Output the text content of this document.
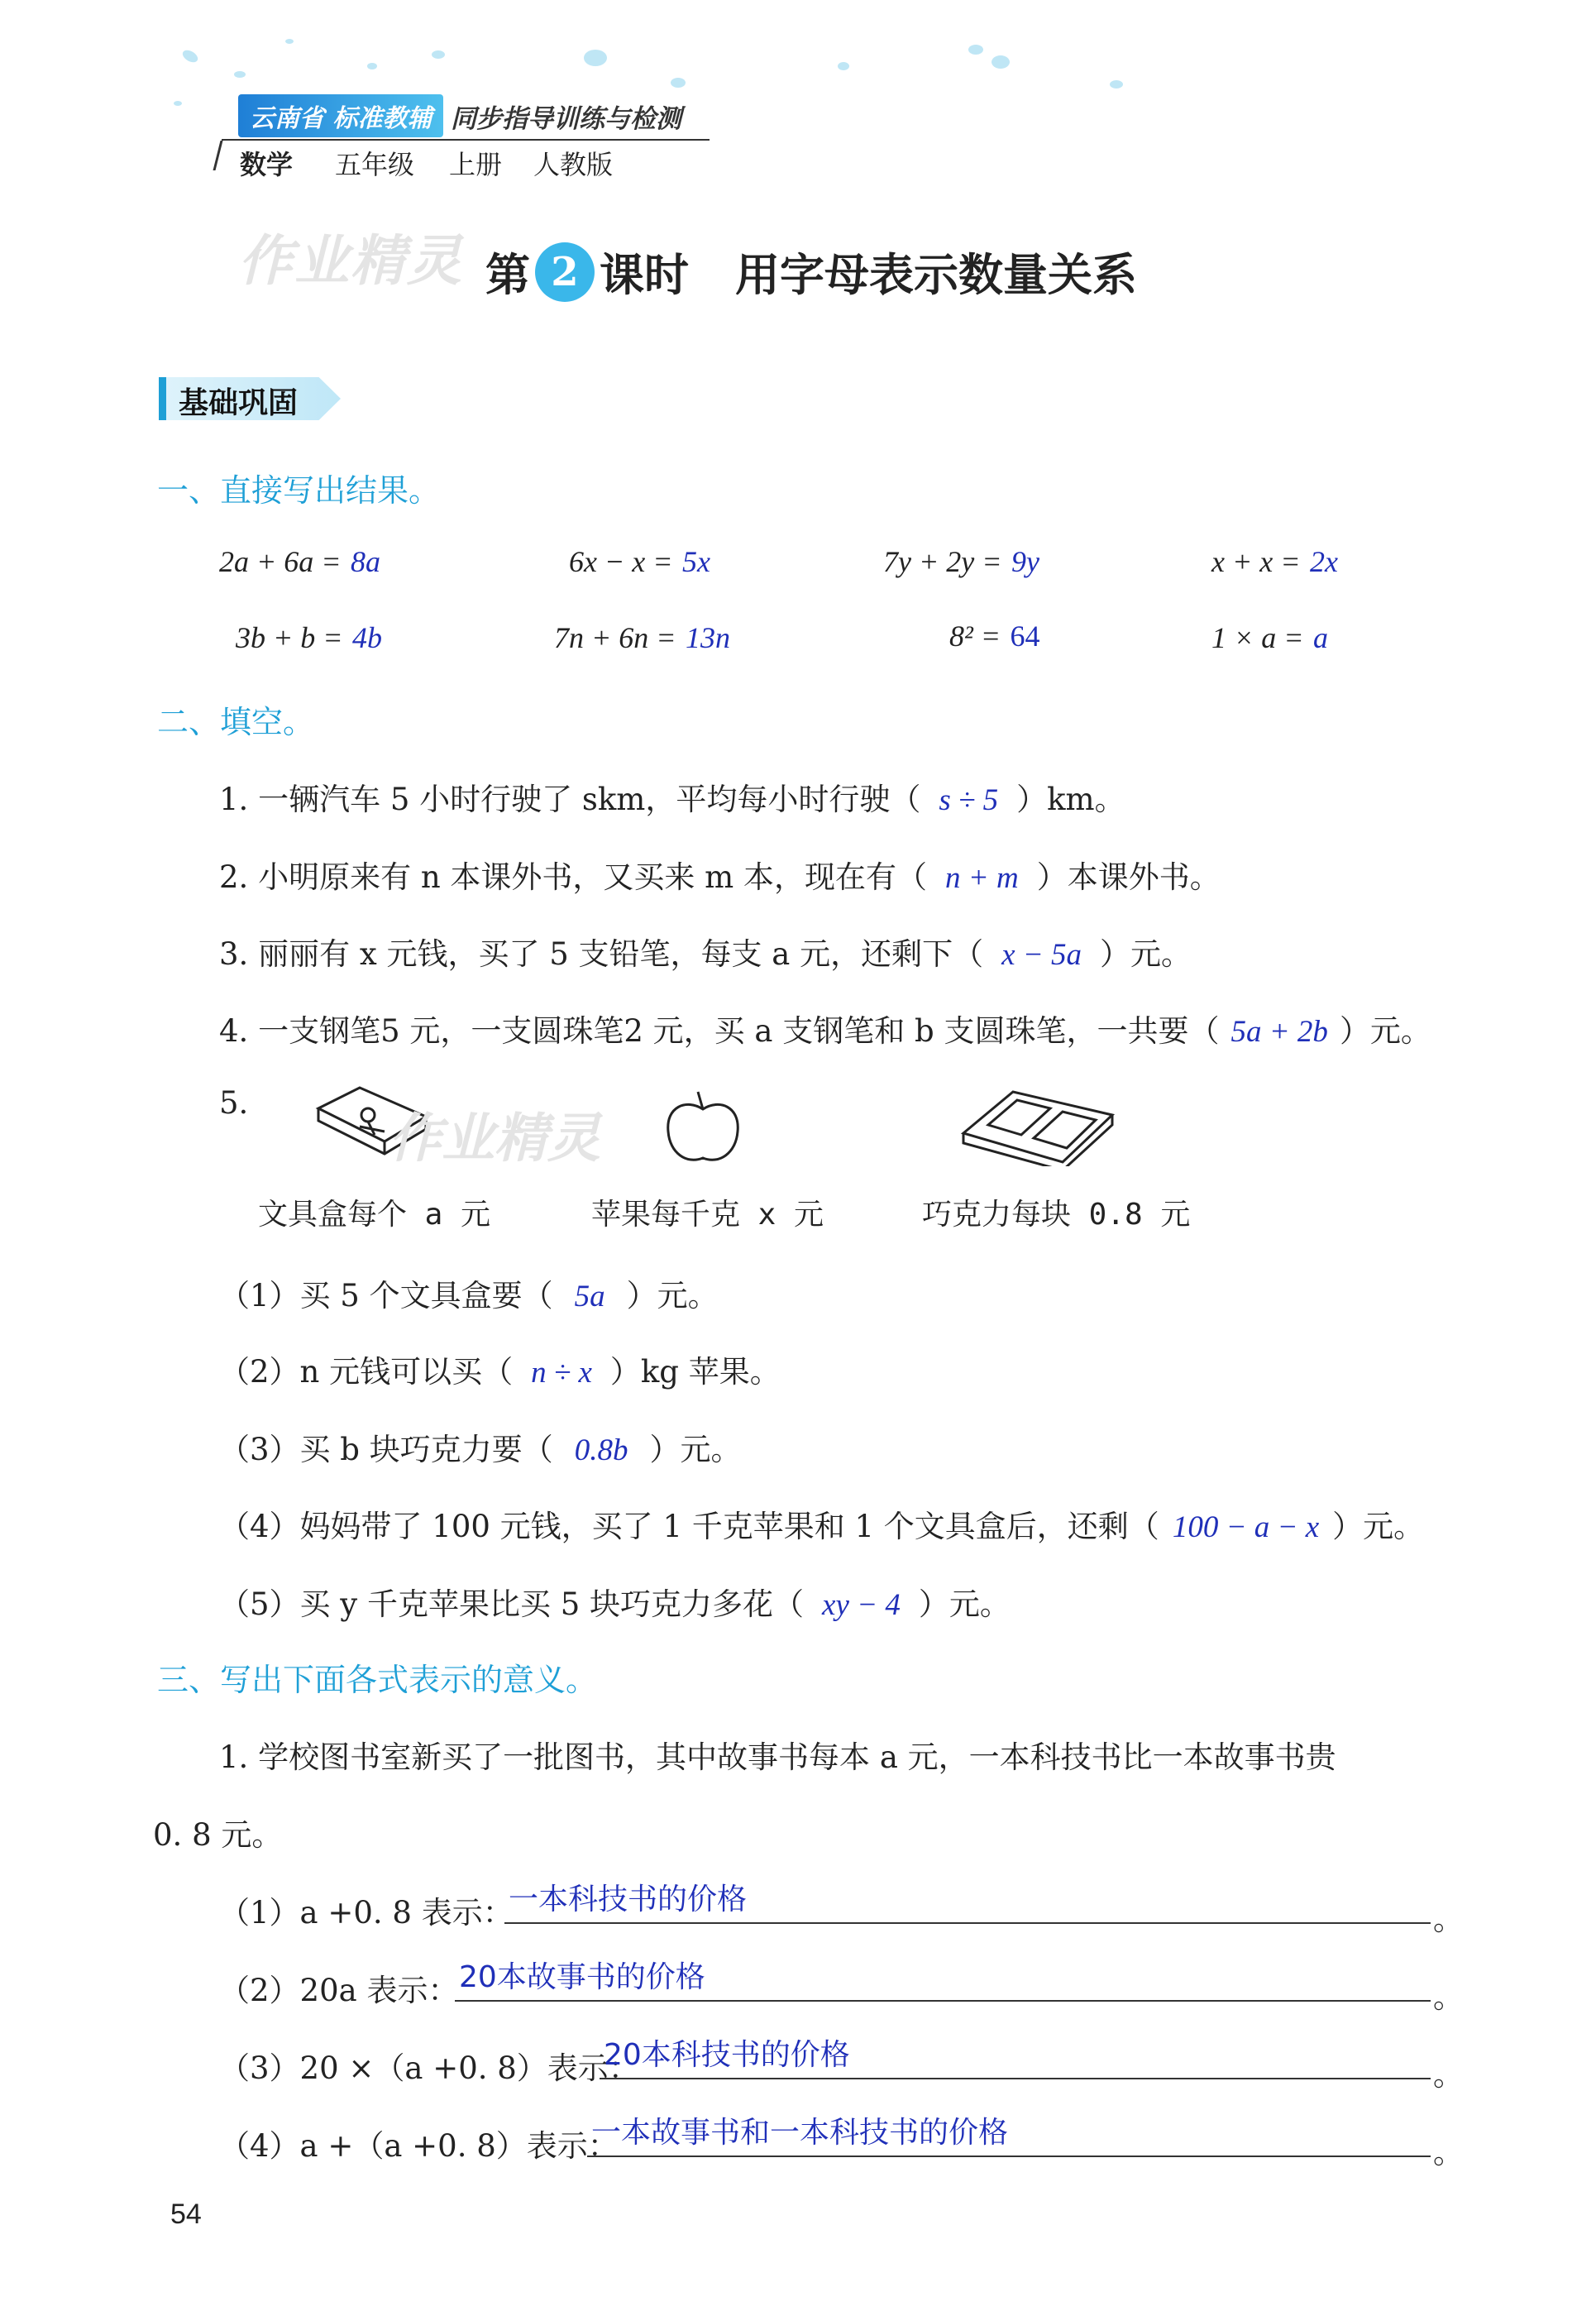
云南省 标准教辅 同步指导训练与检测
数学 五年级 上册 人教版
作业精灵 第 2 课时 用字母表示数量关系
基础巩固
一、直接写出结果。
2a + 6a = 8a	6x − x = 5x	7y + 2y = 9y	x + x = 2x
3b + b = 4b	7n + 6n = 13n	8² = 64	1 × a = a
二、填空。
1. 一辆汽车 5 小时行驶了 skm，平均每小时行驶（ s ÷ 5 ）km。
2. 小明原来有 n 本课外书，又买来 m 本，现在有（ n + m ）本课外书。
3. 丽丽有 x 元钱，买了 5 支铅笔，每支 a 元，还剩下（ x − 5a ）元。
4. 一支钢笔5 元，一支圆珠笔2 元，买 a 支钢笔和 b 支圆珠笔，一共要（ 5a + 2b ）元。
5.
作业精灵
文具盒每个 a 元	苹果每千克 x 元	巧克力每块 0.8 元
（1）买 5 个文具盒要（ 5a ）元。
（2）n 元钱可以买（ n ÷ x ）kg 苹果。
（3）买 b 块巧克力要（ 0.8b ）元。
（4）妈妈带了 100 元钱，买了 1 千克苹果和 1 个文具盒后，还剩（ 100 − a − x ）元。
（5）买 y 千克苹果比买 5 块巧克力多花（ xy − 4 ）元。
三、写出下面各式表示的意义。
1. 学校图书室新买了一批图书，其中故事书每本 a 元，一本科技书比一本故事书贵
0. 8 元。
（1）a +0. 8 表示：
一本科技书的价格
。
（2）20a 表示： 20本故事书的价格
。
（3）20 ×（a +0. 8）表示：
20本科技书的价格
。
（4）a +（a +0. 8）表示：
一本故事书和一本科技书的价格
。
54
